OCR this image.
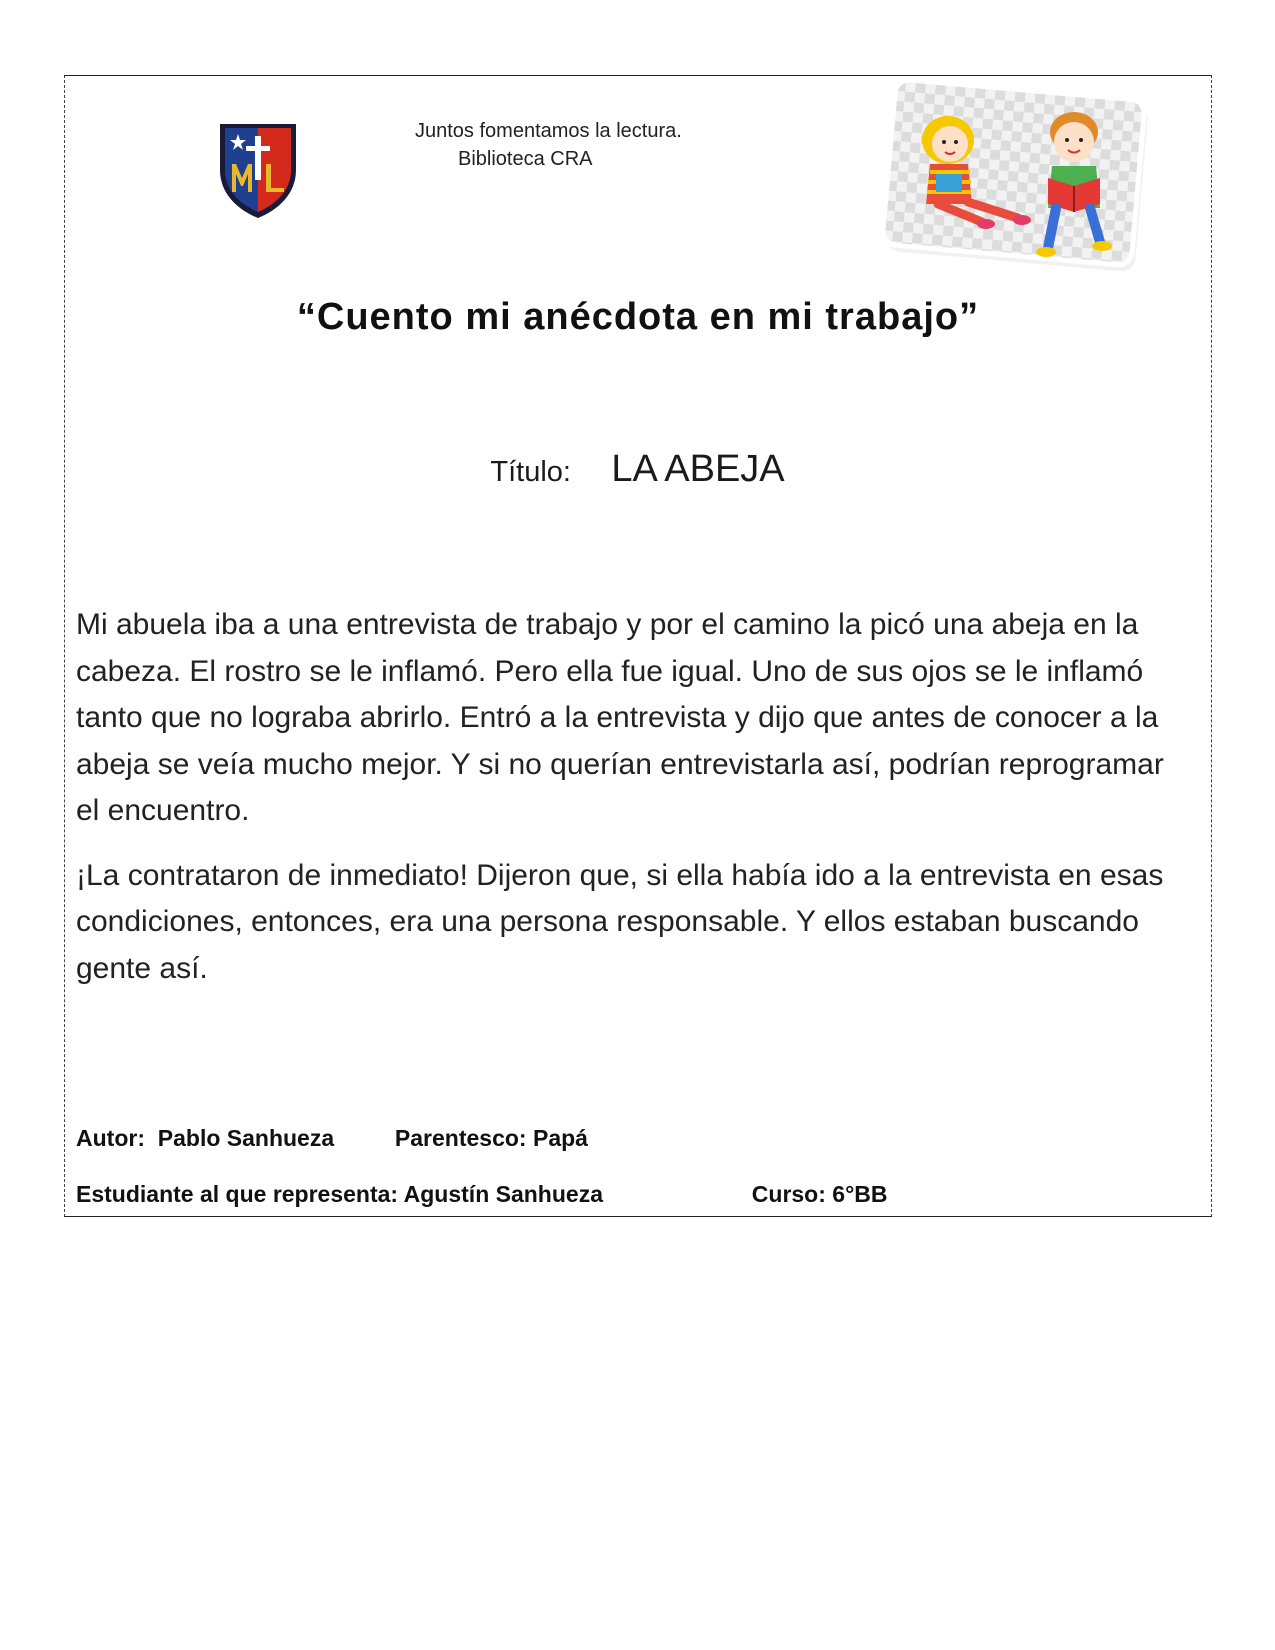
Juntos fomentamos la lectura.
Biblioteca CRA
“Cuento mi anécdota en mi trabajo”
Título: LA ABEJA

Mi abuela iba a una entrevista de trabajo y por el camino la picó una abeja en la cabeza. El rostro se le inflamó. Pero ella fue igual. Uno de sus ojos se le inflamó tanto que no lograba abrirlo. Entró a la entrevista y dijo que antes de conocer a la abeja se veía mucho mejor. Y si no querían entrevistarla así, podrían reprogramar el encuentro.

¡La contrataron de inmediato! Dijeron que, si ella había ido a la entrevista en esas condiciones, entonces, era una persona responsable. Y ellos estaban buscando gente así.

Autor: Pablo Sanhueza	Parentesco: Papá
Estudiante al que representa: Agustín Sanhueza	Curso: 6°BB
